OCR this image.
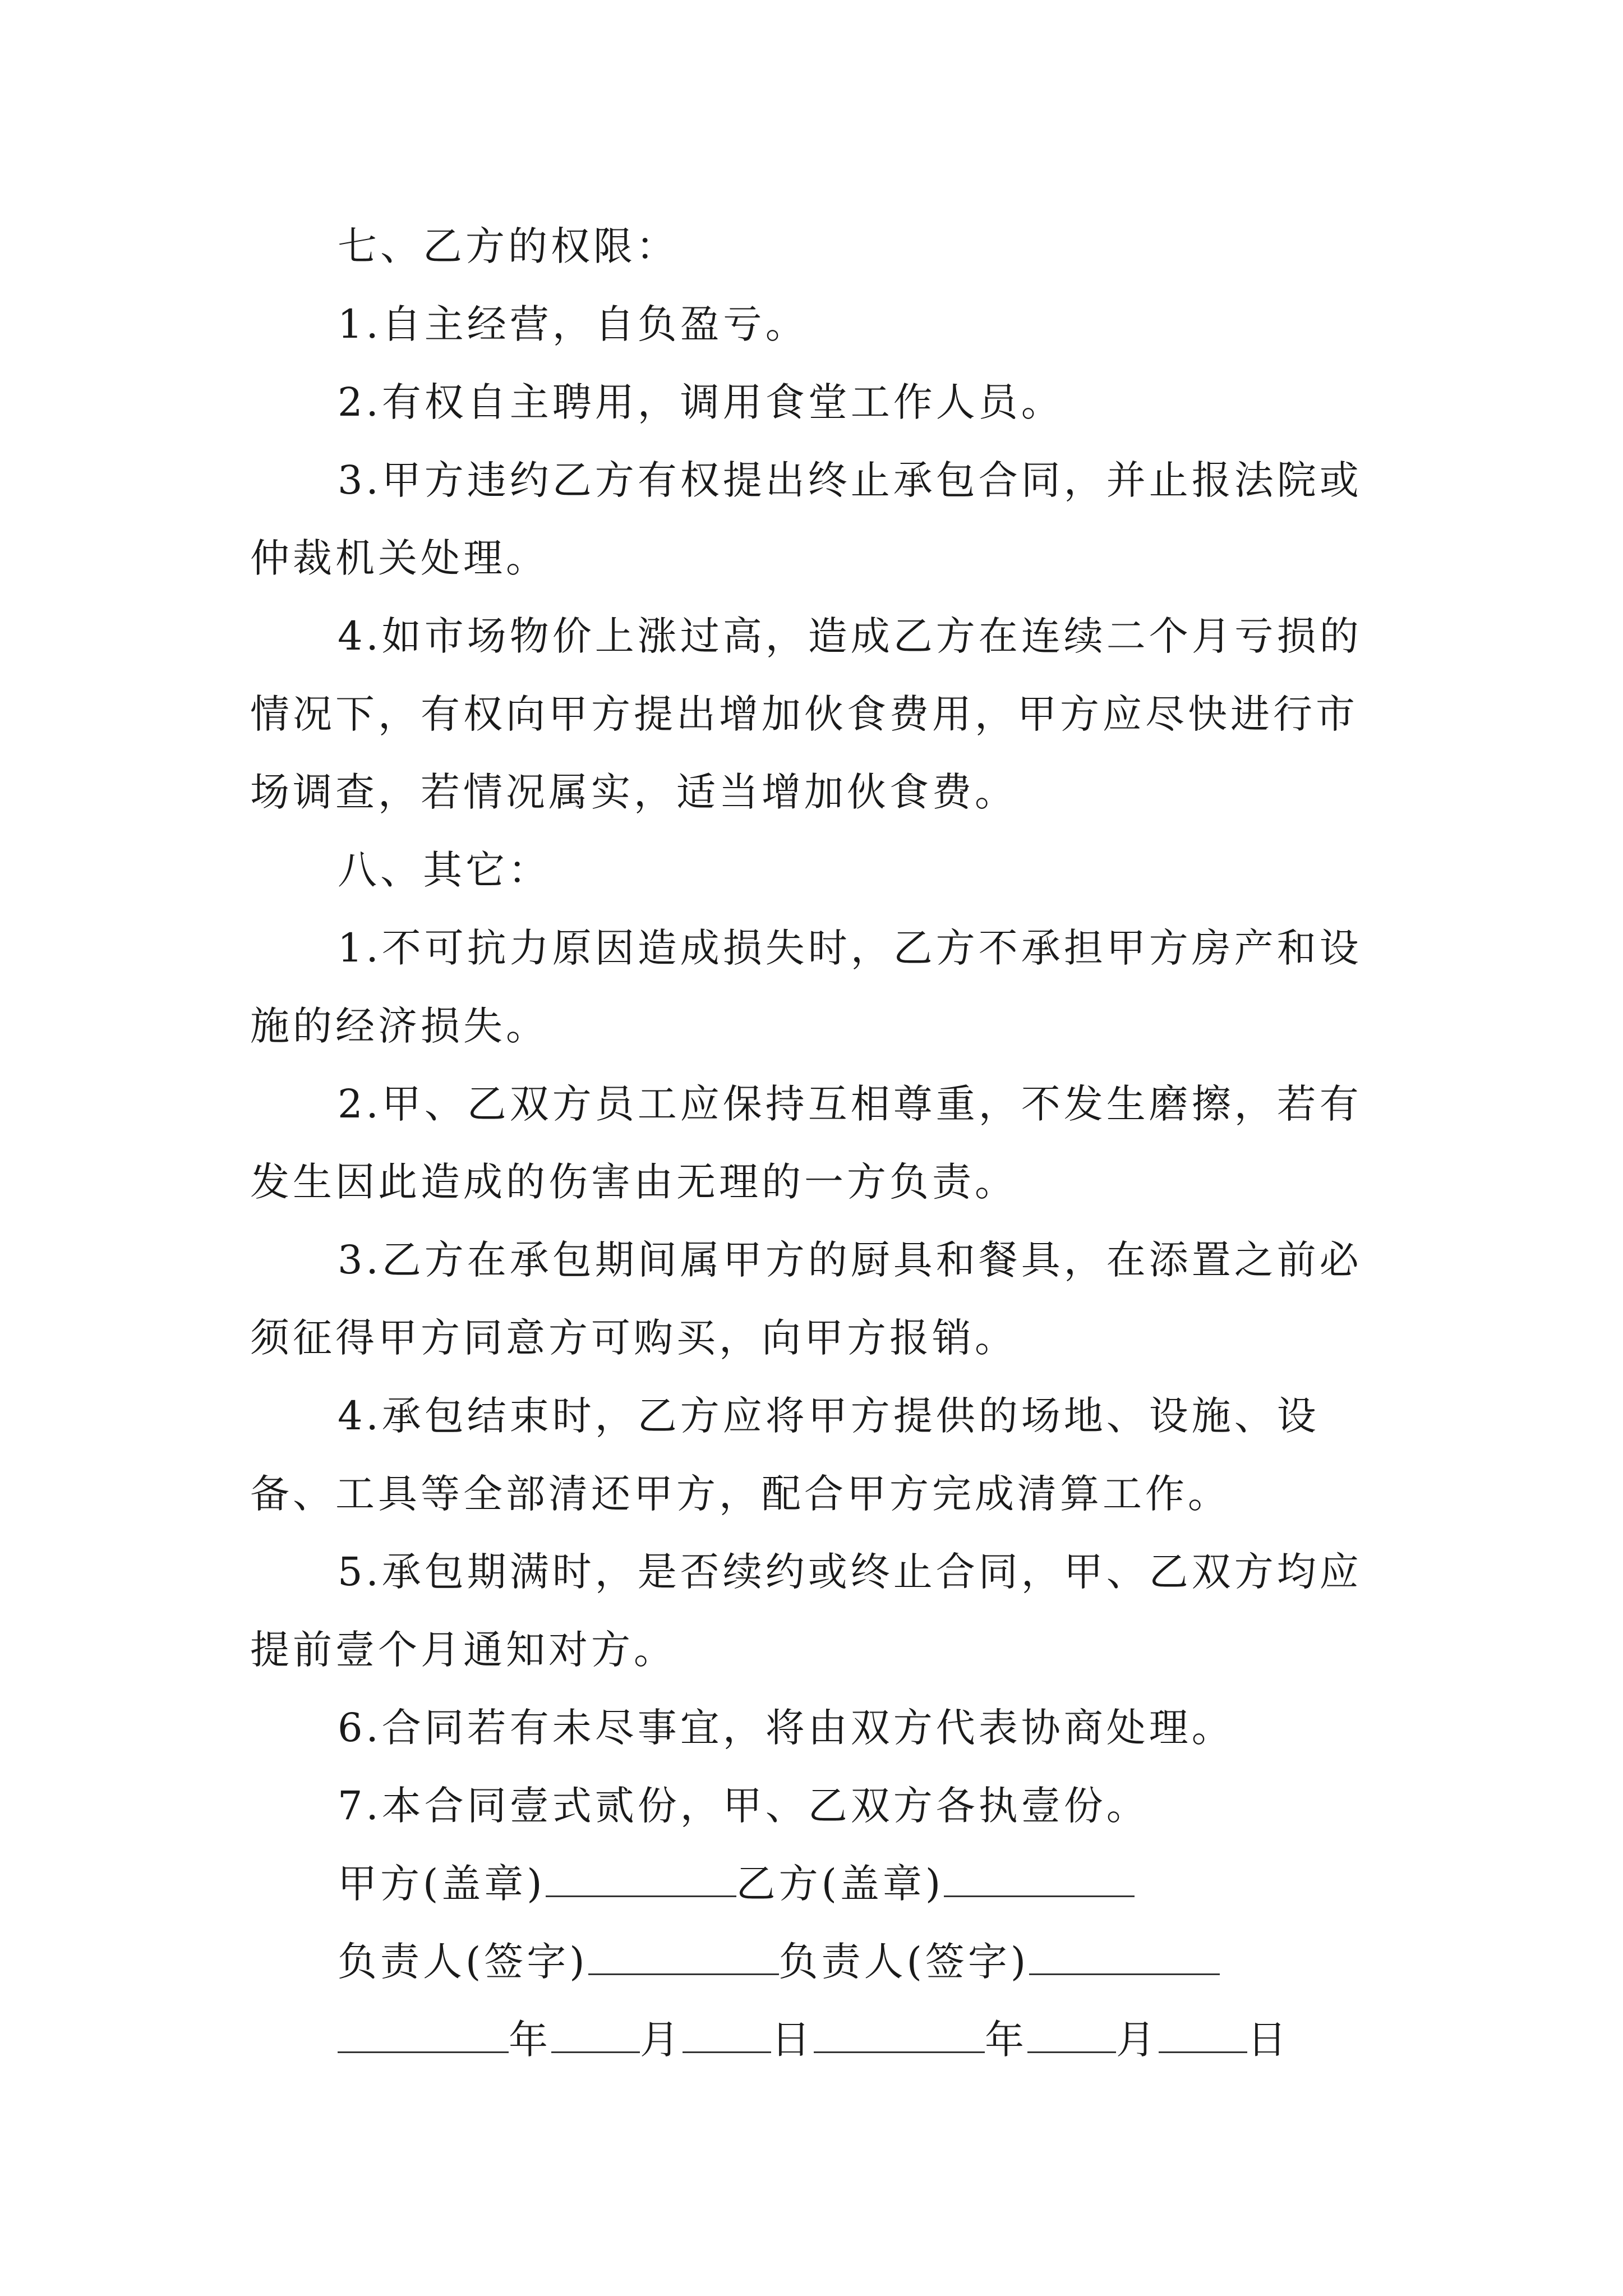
七、乙方的权限：

1.自主经营，自负盈亏。

2.有权自主聘用，调用食堂工作人员。

3.甲方违约乙方有权提出终止承包合同，并止报法院或仲裁机关处理。

4.如市场物价上涨过高，造成乙方在连续二个月亏损的情况下，有权向甲方提出增加伙食费用，甲方应尽快进行市场调查，若情况属实，适当增加伙食费。

八、其它：

1.不可抗力原因造成损失时，乙方不承担甲方房产和设施的经济损失。

2.甲、乙双方员工应保持互相尊重，不发生磨擦，若有发生因此造成的伤害由无理的一方负责。

3.乙方在承包期间属甲方的厨具和餐具，在添置之前必须征得甲方同意方可购买，向甲方报销。

4.承包结束时，乙方应将甲方提供的场地、设施、设备、工具等全部清还甲方，配合甲方完成清算工作。

5.承包期满时，是否续约或终止合同，甲、乙双方均应提前壹个月通知对方。

6.合同若有未尽事宜，将由双方代表协商处理。

7.本合同壹式贰份，甲、乙双方各执壹份。

甲方(盖章)	乙方(盖章)

负责人(签字)	负责人(签字)

年 月 日	年 月 日
